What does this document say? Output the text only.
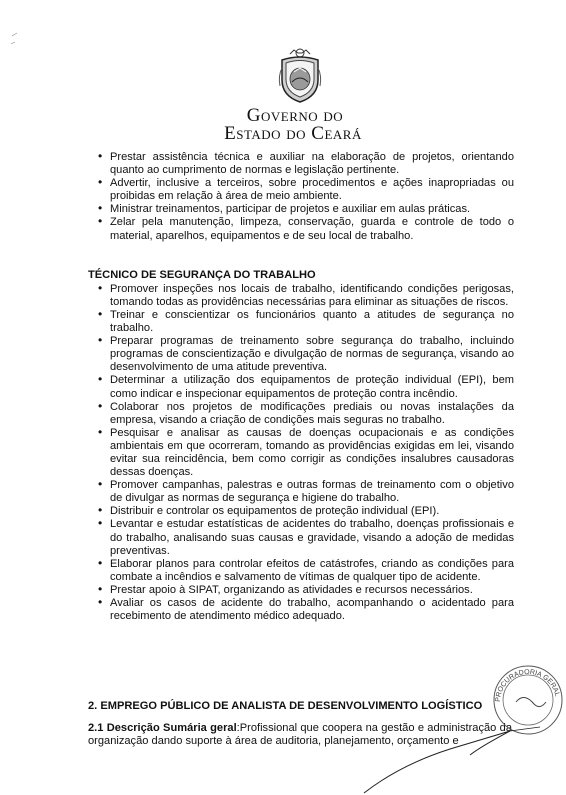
Governo do
Estado do Ceará
• Prestar assistência técnica e auxiliar na elaboração de projetos, orientando quanto ao cumprimento de normas e legislação pertinente.
• Advertir, inclusive a terceiros, sobre procedimentos e ações inapropriadas ou proibidas em relação à área de meio ambiente.
• Ministrar treinamentos, participar de projetos e auxiliar em aulas práticas.
• Zelar pela manutenção, limpeza, conservação, guarda e controle de todo o material, aparelhos, equipamentos e de seu local de trabalho.
TÉCNICO DE SEGURANÇA DO TRABALHO
• Promover inspeções nos locais de trabalho, identificando condições perigosas, tomando todas as providências necessárias para eliminar as situações de riscos.
• Treinar e conscientizar os funcionários quanto a atitudes de segurança no trabalho.
• Preparar programas de treinamento sobre segurança do trabalho, incluindo programas de conscientização e divulgação de normas de segurança, visando ao desenvolvimento de uma atitude preventiva.
• Determinar a utilização dos equipamentos de proteção individual (EPI), bem como indicar e inspecionar equipamentos de proteção contra incêndio.
• Colaborar nos projetos de modificações prediais ou novas instalações da empresa, visando a criação de condições mais seguras no trabalho.
• Pesquisar e analisar as causas de doenças ocupacionais e as condições ambientais em que ocorreram, tomando as providências exigidas em lei, visando evitar sua reincidência, bem como corrigir as condições insalubres causadoras dessas doenças.
• Promover campanhas, palestras e outras formas de treinamento com o objetivo de divulgar as normas de segurança e higiene do trabalho.
• Distribuir e controlar os equipamentos de proteção individual (EPI).
• Levantar e estudar estatísticas de acidentes do trabalho, doenças profissionais e do trabalho, analisando suas causas e gravidade, visando a adoção de medidas preventivas.
• Elaborar planos para controlar efeitos de catástrofes, criando as condições para combate a incêndios e salvamento de vítimas de qualquer tipo de acidente.
• Prestar apoio à SIPAT, organizando as atividades e recursos necessários.
• Avaliar os casos de acidente do trabalho, acompanhando o acidentado para recebimento de atendimento médico adequado.
2. EMPREGO PÚBLICO DE ANALISTA DE DESENVOLVIMENTO LOGÍSTICO
2.1 Descrição Sumária geral:Profissional que coopera na gestão e administração da organização dando suporte à área de auditoria, planejamento, orçamento e
PROCURADORIA GERAL
